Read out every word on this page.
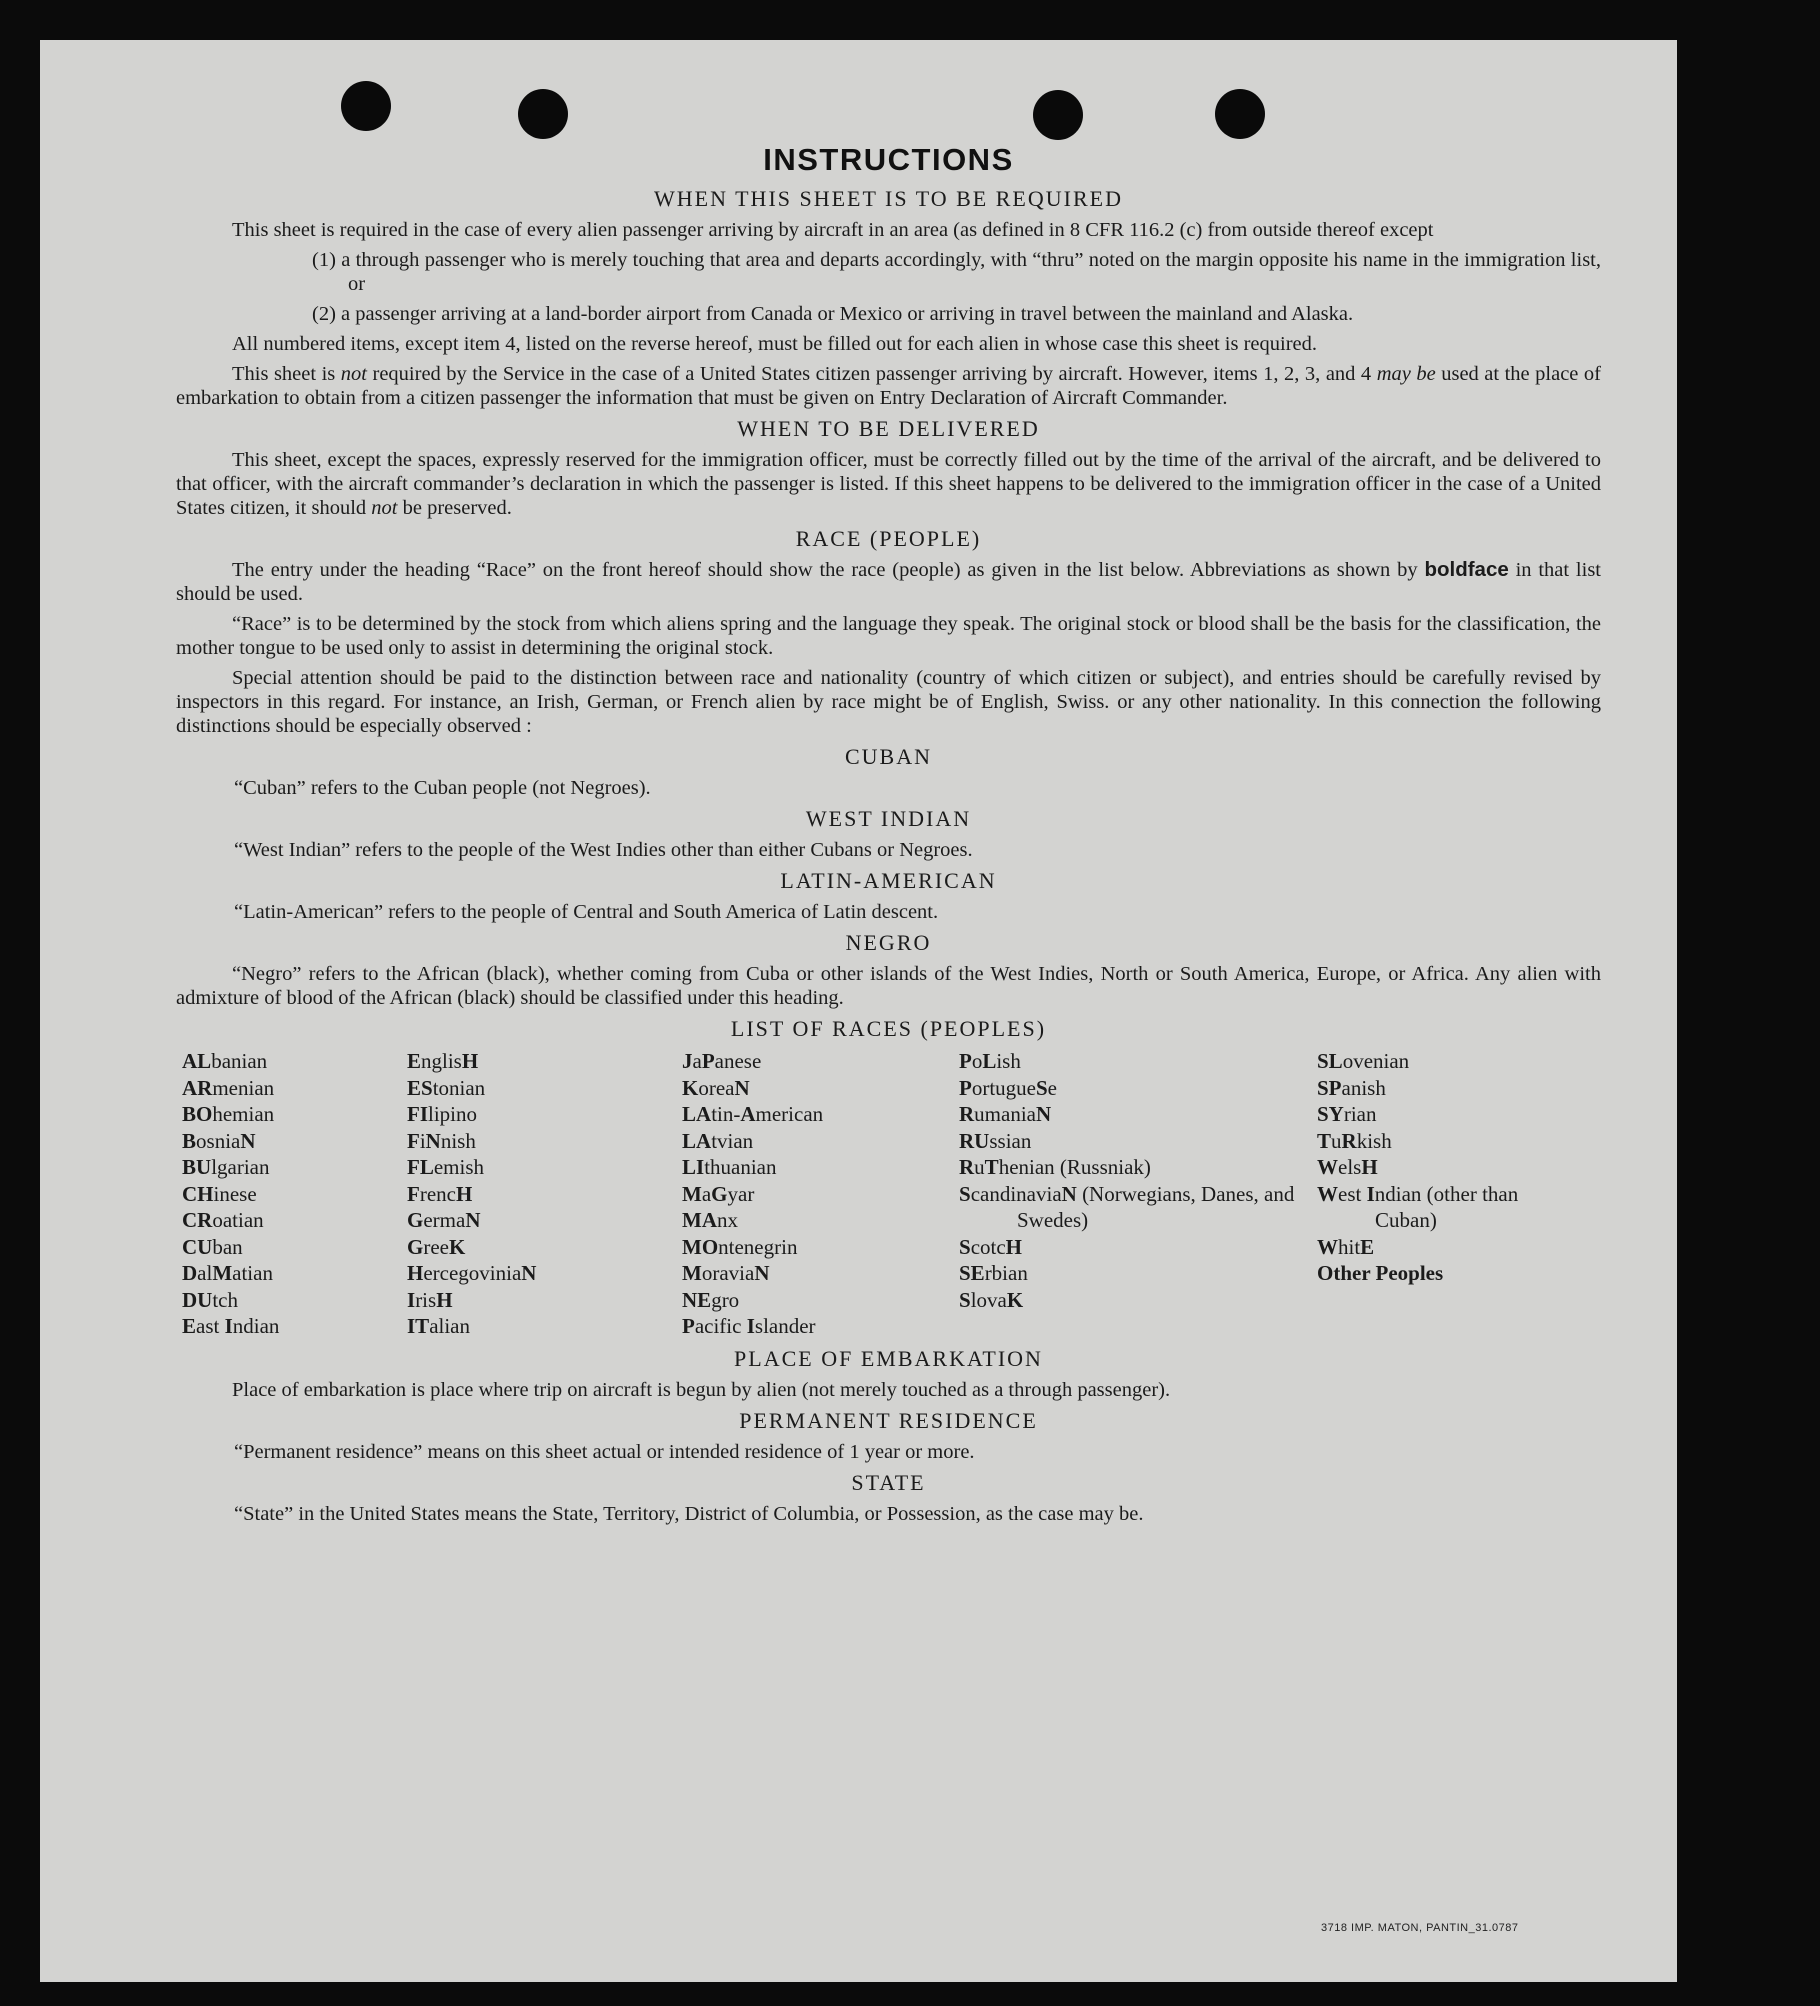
INSTRUCTIONS
WHEN THIS SHEET IS TO BE REQUIRED

This sheet is required in the case of every alien passenger arriving by aircraft in an area (as defined in 8 CFR 116.2 (c) from outside thereof except

(1) a through passenger who is merely touching that area and departs accordingly, with “thru” noted on the margin opposite his name in the immigration list, or

(2) a passenger arriving at a land-border airport from Canada or Mexico or arriving in travel between the mainland and Alaska.

All numbered items, except item 4, listed on the reverse hereof, must be filled out for each alien in whose case this sheet is required.

This sheet is not required by the Service in the case of a United States citizen passenger arriving by aircraft. However, items 1, 2, 3, and 4 may be used at the place of embarkation to obtain from a citizen passenger the information that must be given on Entry Declaration of Aircraft Commander.

WHEN TO BE DELIVERED

This sheet, except the spaces, expressly reserved for the immigration officer, must be correctly filled out by the time of the arrival of the aircraft, and be delivered to that officer, with the aircraft commander’s declaration in which the passenger is listed. If this sheet happens to be delivered to the immigration officer in the case of a United States citizen, it should not be preserved.

RACE (PEOPLE)

The entry under the heading “Race” on the front hereof should show the race (people) as given in the list below. Abbreviations as shown by boldface in that list should be used.

“Race” is to be determined by the stock from which aliens spring and the language they speak. The original stock or blood shall be the basis for the classification, the mother tongue to be used only to assist in determining the original stock.

Special attention should be paid to the distinction between race and nationality (country of which citizen or subject), and entries should be carefully revised by inspectors in this regard. For instance, an Irish, German, or French alien by race might be of English, Swiss. or any other nationality. In this connection the following distinctions should be especially observed :

CUBAN

“Cuban” refers to the Cuban people (not Negroes).

WEST INDIAN

“West Indian” refers to the people of the West Indies other than either Cubans or Negroes.

LATIN-AMERICAN

“Latin-American” refers to the people of Central and South America of Latin descent.

NEGRO

“Negro” refers to the African (black), whether coming from Cuba or other islands of the West Indies, North or South America, Europe, or Africa. Any alien with admixture of blood of the African (black) should be classified under this heading.

LIST OF RACES (PEOPLES)
ALbanian
ARmenian
BOhemian
BosniaN
BUlgarian
CHinese
CRoatian
CUban
DalMatian
DUtch
East Indian
EnglisH
EStonian
FIlipino
FiNnish
FLemish
FrencH
GermaN
GreeK
HercegoviniaN
IrisH
ITalian
JaPanese
KoreaN
LAtin-American
LAtvian
LIthuanian
MaGyar
MAnx
MOntenegrin
MoraviaN
NEgro
Pacific Islander
PoLish
PortugueSe
RumaniaN
RUssian
RuThenian (Russniak)
ScandinaviaN (Norwegians, Danes, and Swedes)
ScotcH
SErbian
SlovaK
SLovenian
SPanish
SYrian
TuRkish
WelsH
West Indian (other than Cuban)
WhitE
Other Peoples
PLACE OF EMBARKATION

Place of embarkation is place where trip on aircraft is begun by alien (not merely touched as a through passenger).

PERMANENT RESIDENCE

“Permanent residence” means on this sheet actual or intended residence of 1 year or more.

STATE

“State” in the United States means the State, Territory, District of Columbia, or Possession, as the case may be.

3718 IMP. MATON, PANTIN_31.0787
